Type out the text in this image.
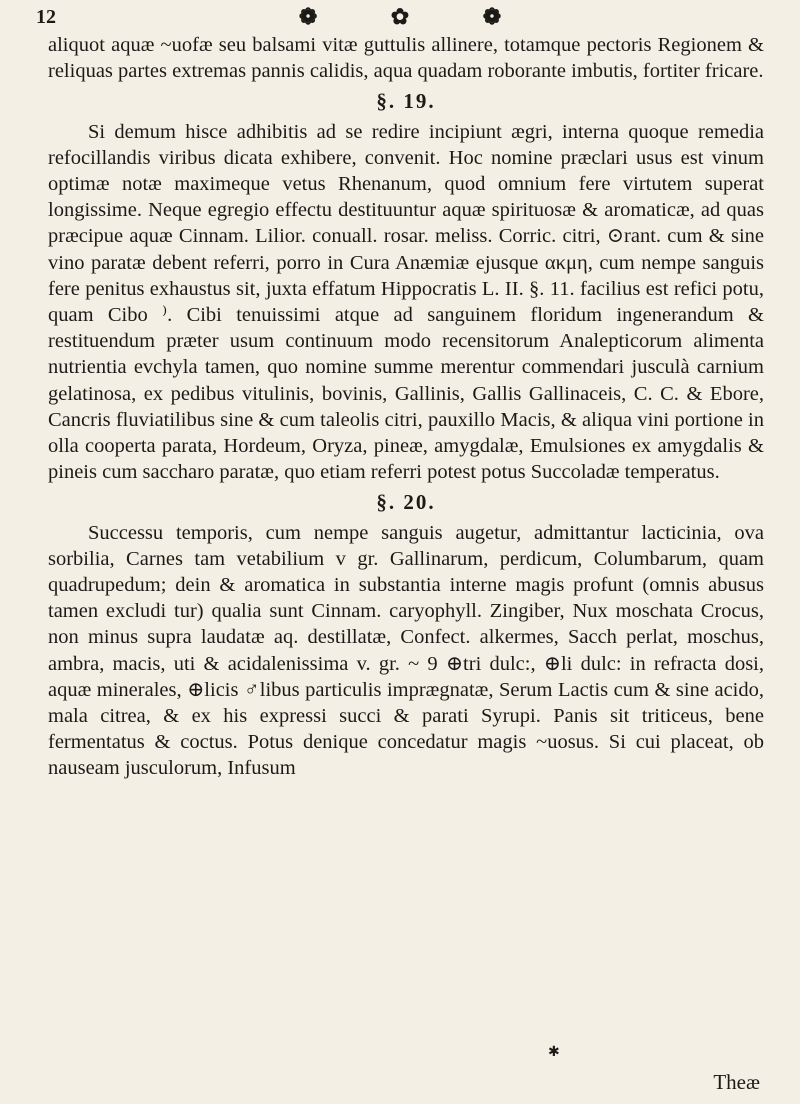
12	❁ ✿ ❁

aliquot aquæ ~uofæ seu balsami vitæ guttulis allinere, totamque pectoris Regionem & reliquas partes extremas pannis calidis, aqua quadam roborante imbutis, fortiter fricare.

§. 19.

Si demum hisce adhibitis ad se redire incipiunt ægri, interna quoque remedia refocillandis viribus dicata exhibere, convenit. Hoc nomine præclari usus est vinum optimæ notæ maximeque vetus Rhenanum, quod omnium fere virtutem superat longissime. Neque egregio effectu destituuntur aquæ spirituosæ & aromaticæ, ad quas præcipue aquæ Cinnam. Lilior. conuall. rosar. meliss. Corric. citri, ⊙rant. cum & sine vino paratæ debent referri, porro in Cura Anæmiæ ejusque ακμη, cum nempe sanguis fere penitus exhaustus sit, juxta effatum Hippocratis L. II. §. 11. facilius est refici potu, quam Cibo ⁾. Cibi tenuissimi atque ad sanguinem floridum ingenerandum & restituendum præter usum continuum modo recensitorum Analepticorum alimenta nutrientia evchyla tamen, quo nomine summe merentur commendari jusculà carnium gelatinosa, ex pedibus vitulinis, bovinis, Gallinis, Gallis Gallinaceis, C. C. & Ebore, Cancris fluviatilibus sine & cum taleolis citri, pauxillo Macis, & aliqua vini portione in olla cooperta parata, Hordeum, Oryza, pineæ, amygdalæ, Emulsiones ex amygdalis & pineis cum saccharo paratæ, quo etiam referri potest potus Succoladæ temperatus.

§. 20.

Successu temporis, cum nempe sanguis augetur, admittantur lacticinia, ova sorbilia, Carnes tam vetabilium v gr. Gallinarum, perdicum, Columbarum, quam quadrupedum; dein & aromatica in substantia interne magis profunt (omnis abusus tamen excludi tur) qualia sunt Cinnam. caryophyll. Zingiber, Nux moschata Crocus, non minus supra laudatæ aq. destillatæ, Confect. alkermes, Sacch perlat, moschus, ambra, macis, uti & acidalenissima v. gr. ~ 9 ⊕tri dulc:, ⊕li dulc: in refracta dosi, aquæ minerales, ⊕licis ♂libus particulis imprægnatæ, Serum Lactis cum & sine acido, mala citrea, & ex his expressi succi & parati Syrupi. Panis sit triticeus, bene fermentatus & coctus. Potus denique concedatur magis ~uosus. Si cui placeat, ob nauseam jusculorum, Infusum

✱
Theæ
